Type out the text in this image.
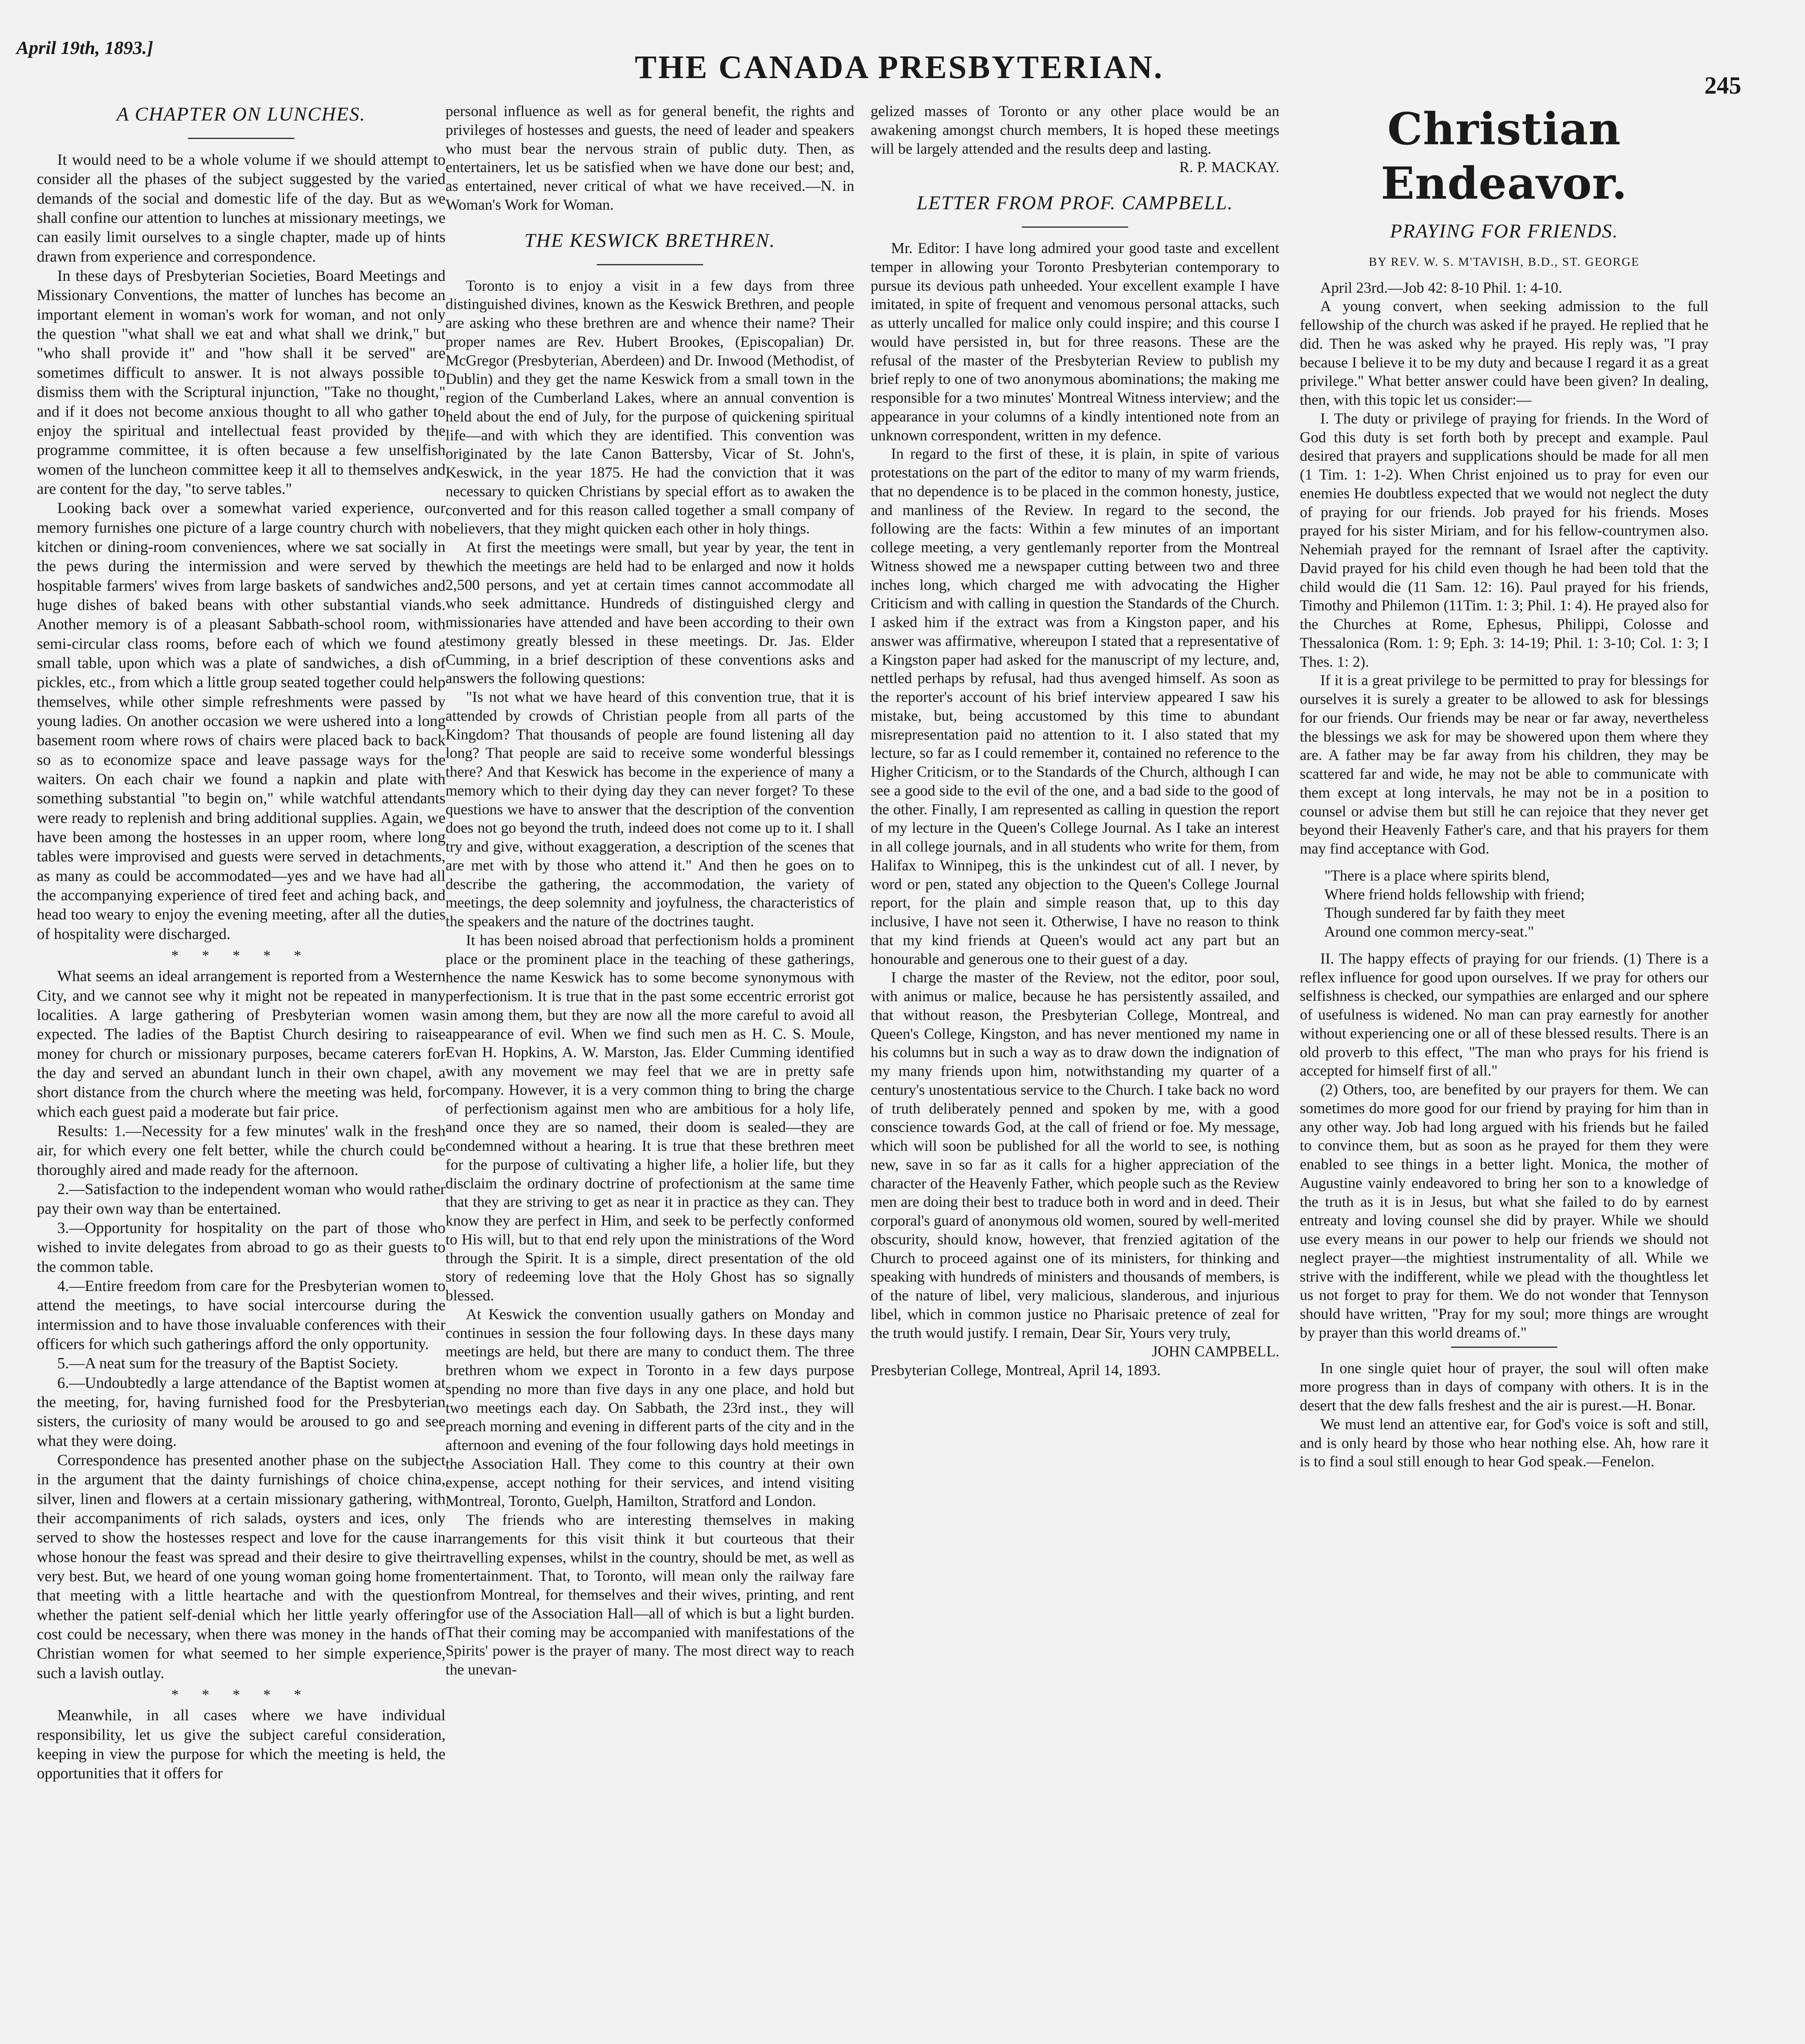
April 19th, 1893.]
THE CANADA PRESBYTERIAN.	245
A CHAPTER ON LUNCHES.

It would need to be a whole volume if we should attempt to consider all the phases of the subject suggested by the varied demands of the social and domestic life of the day. But as we shall confine our attention to lunches at missionary meetings, we can easily limit ourselves to a single chapter, made up of hints drawn from experience and correspondence.

In these days of Presbyterian Societies, Board Meetings and Missionary Conventions, the matter of lunches has become an important element in woman's work for woman, and not only the question "what shall we eat and what shall we drink," but "who shall provide it" and "how shall it be served" are sometimes difficult to answer. It is not always possible to dismiss them with the Scriptural injunction, "Take no thought," and if it does not become anxious thought to all who gather to enjoy the spiritual and intellectual feast provided by the programme committee, it is often because a few unselfish women of the luncheon committee keep it all to themselves and are content for the day, "to serve tables."

Looking back over a somewhat varied experience, our memory furnishes one picture of a large country church with no kitchen or dining-room conveniences, where we sat socially in the pews during the intermission and were served by the hospitable farmers' wives from large baskets of sandwiches and huge dishes of baked beans with other substantial viands. Another memory is of a pleasant Sabbath-school room, with semi-circular class rooms, before each of which we found a small table, upon which was a plate of sandwiches, a dish of pickles, etc., from which a little group seated together could help themselves, while other simple refreshments were passed by young ladies. On another occasion we were ushered into a long basement room where rows of chairs were placed back to back so as to economize space and leave passage ways for the waiters. On each chair we found a napkin and plate with something substantial "to begin on," while watchful attendants were ready to replenish and bring additional supplies. Again, we have been among the hostesses in an upper room, where long tables were improvised and guests were served in detachments, as many as could be accommodated—yes and we have had all the accompanying experience of tired feet and aching back, and head too weary to enjoy the evening meeting, after all the duties of hospitality were discharged.

* * * * *

What seems an ideal arrangement is reported from a Western City, and we cannot see why it might not be repeated in many localities. A large gathering of Presbyterian women was expected. The ladies of the Baptist Church desiring to raise money for church or missionary purposes, became caterers for the day and served an abundant lunch in their own chapel, a short distance from the church where the meeting was held, for which each guest paid a moderate but fair price.

Results: 1.—Necessity for a few minutes' walk in the fresh air, for which every one felt better, while the church could be thoroughly aired and made ready for the afternoon.

2.—Satisfaction to the independent woman who would rather pay their own way than be entertained.

3.—Opportunity for hospitality on the part of those who wished to invite delegates from abroad to go as their guests to the common table.

4.—Entire freedom from care for the Presbyterian women to attend the meetings, to have social intercourse during the intermission and to have those invaluable conferences with their officers for which such gatherings afford the only opportunity.

5.—A neat sum for the treasury of the Baptist Society.

6.—Undoubtedly a large attendance of the Baptist women at the meeting, for, having furnished food for the Presbyterian sisters, the curiosity of many would be aroused to go and see what they were doing.

Correspondence has presented another phase on the subject in the argument that the dainty furnishings of choice china, silver, linen and flowers at a certain missionary gathering, with their accompaniments of rich salads, oysters and ices, only served to show the hostesses respect and love for the cause in whose honour the feast was spread and their desire to give their very best. But, we heard of one young woman going home from that meeting with a little heartache and with the question whether the patient self-denial which her little yearly offering cost could be necessary, when there was money in the hands of Christian women for what seemed to her simple experience, such a lavish outlay.

* * * * *

Meanwhile, in all cases where we have individual responsibility, let us give the subject careful consideration, keeping in view the purpose for which the meeting is held, the opportunities that it offers for

personal influence as well as for general benefit, the rights and privileges of hostesses and guests, the need of leader and speakers who must bear the nervous strain of public duty. Then, as entertainers, let us be satisfied when we have done our best; and, as entertained, never critical of what we have received.—N. in Woman's Work for Woman.

THE KESWICK BRETHREN.

Toronto is to enjoy a visit in a few days from three distinguished divines, known as the Keswick Brethren, and people are asking who these brethren are and whence their name? Their proper names are Rev. Hubert Brookes, (Episcopalian) Dr. McGregor (Presbyterian, Aberdeen) and Dr. Inwood (Methodist, of Dublin) and they get the name Keswick from a small town in the region of the Cumberland Lakes, where an annual convention is held about the end of July, for the purpose of quickening spiritual life—and with which they are identified. This convention was originated by the late Canon Battersby, Vicar of St. John's, Keswick, in the year 1875. He had the conviction that it was necessary to quicken Christians by special effort as to awaken the converted and for this reason called together a small company of believers, that they might quicken each other in holy things.

At first the meetings were small, but year by year, the tent in which the meetings are held had to be enlarged and now it holds 2,500 persons, and yet at certain times cannot accommodate all who seek admittance. Hundreds of distinguished clergy and missionaries have attended and have been according to their own testimony greatly blessed in these meetings. Dr. Jas. Elder Cumming, in a brief description of these conventions asks and answers the following questions:

"Is not what we have heard of this convention true, that it is attended by crowds of Christian people from all parts of the Kingdom? That thousands of people are found listening all day long? That people are said to receive some wonderful blessings there? And that Keswick has become in the experience of many a memory which to their dying day they can never forget? To these questions we have to answer that the description of the convention does not go beyond the truth, indeed does not come up to it. I shall try and give, without exaggeration, a description of the scenes that are met with by those who attend it." And then he goes on to describe the gathering, the accommodation, the variety of meetings, the deep solemnity and joyfulness, the characteristics of the speakers and the nature of the doctrines taught.

It has been noised abroad that perfectionism holds a prominent place or the prominent place in the teaching of these gatherings, hence the name Keswick has to some become synonymous with perfectionism. It is true that in the past some eccentric errorist got in among them, but they are now all the more careful to avoid all appearance of evil. When we find such men as H. C. S. Moule, Evan H. Hopkins, A. W. Marston, Jas. Elder Cumming identified with any movement we may feel that we are in pretty safe company. However, it is a very common thing to bring the charge of perfectionism against men who are ambitious for a holy life, and once they are so named, their doom is sealed—they are condemned without a hearing. It is true that these brethren meet for the purpose of cultivating a higher life, a holier life, but they disclaim the ordinary doctrine of profectionism at the same time that they are striving to get as near it in practice as they can. They know they are perfect in Him, and seek to be perfectly conformed to His will, but to that end rely upon the ministrations of the Word through the Spirit. It is a simple, direct presentation of the old story of redeeming love that the Holy Ghost has so signally blessed.

At Keswick the convention usually gathers on Monday and continues in session the four following days. In these days many meetings are held, but there are many to conduct them. The three brethren whom we expect in Toronto in a few days purpose spending no more than five days in any one place, and hold but two meetings each day. On Sabbath, the 23rd inst., they will preach morning and evening in different parts of the city and in the afternoon and evening of the four following days hold meetings in the Association Hall. They come to this country at their own expense, accept nothing for their services, and intend visiting Montreal, Toronto, Guelph, Hamilton, Stratford and London.

The friends who are interesting themselves in making arrangements for this visit think it but courteous that their travelling expenses, whilst in the country, should be met, as well as entertainment. That, to Toronto, will mean only the railway fare from Montreal, for themselves and their wives, printing, and rent for use of the Association Hall—all of which is but a light burden. That their coming may be accompanied with manifestations of the Spirits' power is the prayer of many. The most direct way to reach the unevan-

gelized masses of Toronto or any other place would be an awakening amongst church members, It is hoped these meetings will be largely attended and the results deep and lasting.

R. P. MACKAY.

LETTER FROM PROF. CAMPBELL.

Mr. Editor: I have long admired your good taste and excellent temper in allowing your Toronto Presbyterian contemporary to pursue its devious path unheeded. Your excellent example I have imitated, in spite of frequent and venomous personal attacks, such as utterly uncalled for malice only could inspire; and this course I would have persisted in, but for three reasons. These are the refusal of the master of the Presbyterian Review to publish my brief reply to one of two anonymous abominations; the making me responsible for a two minutes' Montreal Witness interview; and the appearance in your columns of a kindly intentioned note from an unknown correspondent, written in my defence.

In regard to the first of these, it is plain, in spite of various protestations on the part of the editor to many of my warm friends, that no dependence is to be placed in the common honesty, justice, and manliness of the Review. In regard to the second, the following are the facts: Within a few minutes of an important college meeting, a very gentlemanly reporter from the Montreal Witness showed me a newspaper cutting between two and three inches long, which charged me with advocating the Higher Criticism and with calling in question the Standards of the Church. I asked him if the extract was from a Kingston paper, and his answer was affirmative, whereupon I stated that a representative of a Kingston paper had asked for the manuscript of my lecture, and, nettled perhaps by refusal, had thus avenged himself. As soon as the reporter's account of his brief interview appeared I saw his mistake, but, being accustomed by this time to abundant misrepresentation paid no attention to it. I also stated that my lecture, so far as I could remember it, contained no reference to the Higher Criticism, or to the Standards of the Church, although I can see a good side to the evil of the one, and a bad side to the good of the other. Finally, I am represented as calling in question the report of my lecture in the Queen's College Journal. As I take an interest in all college journals, and in all students who write for them, from Halifax to Winnipeg, this is the unkindest cut of all. I never, by word or pen, stated any objection to the Queen's College Journal report, for the plain and simple reason that, up to this day inclusive, I have not seen it. Otherwise, I have no reason to think that my kind friends at Queen's would act any part but an honourable and generous one to their guest of a day.

I charge the master of the Review, not the editor, poor soul, with animus or malice, because he has persistently assailed, and that without reason, the Presbyterian College, Montreal, and Queen's College, Kingston, and has never mentioned my name in his columns but in such a way as to draw down the indignation of my many friends upon him, notwithstanding my quarter of a century's unostentatious service to the Church. I take back no word of truth deliberately penned and spoken by me, with a good conscience towards God, at the call of friend or foe. My message, which will soon be published for all the world to see, is nothing new, save in so far as it calls for a higher appreciation of the character of the Heavenly Father, which people such as the Review men are doing their best to traduce both in word and in deed. Their corporal's guard of anonymous old women, soured by well-merited obscurity, should know, however, that frenzied agitation of the Church to proceed against one of its ministers, for thinking and speaking with hundreds of ministers and thousands of members, is of the nature of libel, very malicious, slanderous, and injurious libel, which in common justice no Pharisaic pretence of zeal for the truth would justify. I remain, Dear Sir, Yours very truly,

JOHN CAMPBELL.

Presbyterian College, Montreal, April 14, 1893.

Christian Endeavor.
PRAYING FOR FRIENDS.

BY REV. W. S. M'TAVISH, B.D., ST. GEORGE

April 23rd.—Job 42: 8-10 Phil. 1: 4-10.

A young convert, when seeking admission to the full fellowship of the church was asked if he prayed. He replied that he did. Then he was asked why he prayed. His reply was, "I pray because I believe it to be my duty and because I regard it as a great privilege." What better answer could have been given? In dealing, then, with this topic let us consider:—

I. The duty or privilege of praying for friends. In the Word of God this duty is set forth both by precept and example. Paul desired that prayers and supplications should be made for all men (1 Tim. 1: 1-2). When Christ enjoined us to pray for even our enemies He doubtless expected that we would not neglect the duty of praying for our friends. Job prayed for his friends. Moses prayed for his sister Miriam, and for his fellow-countrymen also. Nehemiah prayed for the remnant of Israel after the captivity. David prayed for his child even though he had been told that the child would die (11 Sam. 12: 16). Paul prayed for his friends, Timothy and Philemon (11Tim. 1: 3; Phil. 1: 4). He prayed also for the Churches at Rome, Ephesus, Philippi, Colosse and Thessalonica (Rom. 1: 9; Eph. 3: 14-19; Phil. 1: 3-10; Col. 1: 3; I Thes. 1: 2).

If it is a great privilege to be permitted to pray for blessings for ourselves it is surely a greater to be allowed to ask for blessings for our friends. Our friends may be near or far away, nevertheless the blessings we ask for may be showered upon them where they are. A father may be far away from his children, they may be scattered far and wide, he may not be able to communicate with them except at long intervals, he may not be in a position to counsel or advise them but still he can rejoice that they never get beyond their Heavenly Father's care, and that his prayers for them may find acceptance with God.

"There is a place where spirits blend,
Where friend holds fellowship with friend;
Though sundered far by faith they meet
Around one common mercy-seat."

II. The happy effects of praying for our friends. (1) There is a reflex influence for good upon ourselves. If we pray for others our selfishness is checked, our sympathies are enlarged and our sphere of usefulness is widened. No man can pray earnestly for another without experiencing one or all of these blessed results. There is an old proverb to this effect, "The man who prays for his friend is accepted for himself first of all."

(2) Others, too, are benefited by our prayers for them. We can sometimes do more good for our friend by praying for him than in any other way. Job had long argued with his friends but he failed to convince them, but as soon as he prayed for them they were enabled to see things in a better light. Monica, the mother of Augustine vainly endeavored to bring her son to a knowledge of the truth as it is in Jesus, but what she failed to do by earnest entreaty and loving counsel she did by prayer. While we should use every means in our power to help our friends we should not neglect prayer—the mightiest instrumentality of all. While we strive with the indifferent, while we plead with the thoughtless let us not forget to pray for them. We do not wonder that Tennyson should have written, "Pray for my soul; more things are wrought by prayer than this world dreams of."

In one single quiet hour of prayer, the soul will often make more progress than in days of company with others. It is in the desert that the dew falls freshest and the air is purest.—H. Bonar.

We must lend an attentive ear, for God's voice is soft and still, and is only heard by those who hear nothing else. Ah, how rare it is to find a soul still enough to hear God speak.—Fenelon.
